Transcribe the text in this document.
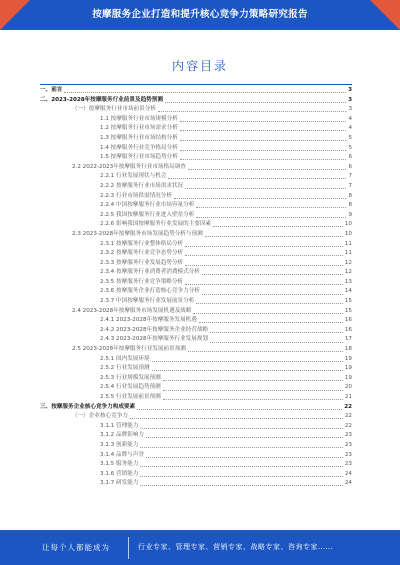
按摩服务企业打造和提升核心竞争力策略研究报告
内容目录
一、前言	3
二、2023-2028年按摩服务行业前景及趋势预测	3
（一）按摩服务行业市场前景分析	3
1.1 按摩服务行业市场规模分析	4
1.2 按摩服务行业市场需求分析	4
1.3 按摩服务行业市场结构分析	5
1.4 按摩服务行业竞争格局分析	5
1.5 按摩服务行业市场趋势分析	6
2.2 2022-2023年按摩服务行业市场格局调查	6
2.2.1 行业发展现状与机会	7
2.2.2 按摩服务行业市场需求状况	7
2.2.3 行业市场供需情况分析	8
2.2.4 中国按摩服务行业市场容量分析	8
2.2.5 我国按摩服务行业进入壁垒分析	9
2.2.6 影响我国按摩服务行业发展的主要因素	10
2.3 2023-2028年按摩服务市场发展趋势分析与预测	10
2.3.1 按摩服务行业整体格局分析	11
2.3.2 按摩服务行业竞争态势分析	11
2.3.3 按摩服务行业发展趋势分析	12
2.3.4 按摩服务行业消费者消费模式分析	12
2.3.5 按摩服务行业竞争策略分析	13
2.3.6 按摩服务企业打造核心竞争力分析	14
2.3.7 中国按摩服务行业发展前景分析	15
2.4 2023-2028年按摩服务市场发展机遇及战略	15
2.4.1 2023-2028年按摩服务发展机遇	16
2.4.2 2023-2028年按摩服务企业经营战略	16
2.4.3 2023-2028年按摩服务行业发展规划	17
2.5 2023-2028年按摩服务行业发展前景预测	18
2.5.1 国内发展环境	19
2.5.2 行业发展预测	19
2.5.3 行业规模发展预测	19
2.5.4 行业发展趋势预测	20
2.5.5 行业发展前景预测	21
三、按摩服务企业核心竞争力构成要素	22
（一）企业核心竞争力	22
3.1.1 管理能力	22
3.1.2 品牌影响力	23
3.1.3 创新能力	23
3.1.4 品牌与声誉	23
3.1.5 服务能力	23
3.1.6 营销能力	24
3.1.7 研发能力	24
让每个人都能成为	行业专家、管理专家、营销专家、战略专家、咨询专家……
